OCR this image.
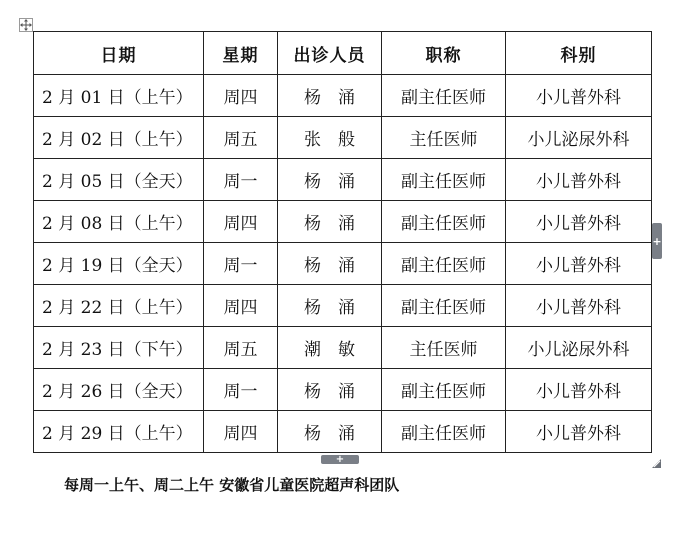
日期	星期	出诊人员	职称	科别
2 月 01 日（上午）	周四	杨　涌	副主任医师	小儿普外科
2 月 02 日（上午）	周五	张　般	主任医师	小儿泌尿外科
2 月 05 日（全天）	周一	杨　涌	副主任医师	小儿普外科
2 月 08 日（上午）	周四	杨　涌	副主任医师	小儿普外科
2 月 19 日（全天）	周一	杨　涌	副主任医师	小儿普外科
2 月 22 日（上午）	周四	杨　涌	副主任医师	小儿普外科
2 月 23 日（下午）	周五	潮　敏	主任医师	小儿泌尿外科
2 月 26 日（全天）	周一	杨　涌	副主任医师	小儿普外科
2 月 29 日（上午）	周四	杨　涌	副主任医师	小儿普外科
+
+
每周一上午、周二上午 安徽省儿童医院超声科团队
